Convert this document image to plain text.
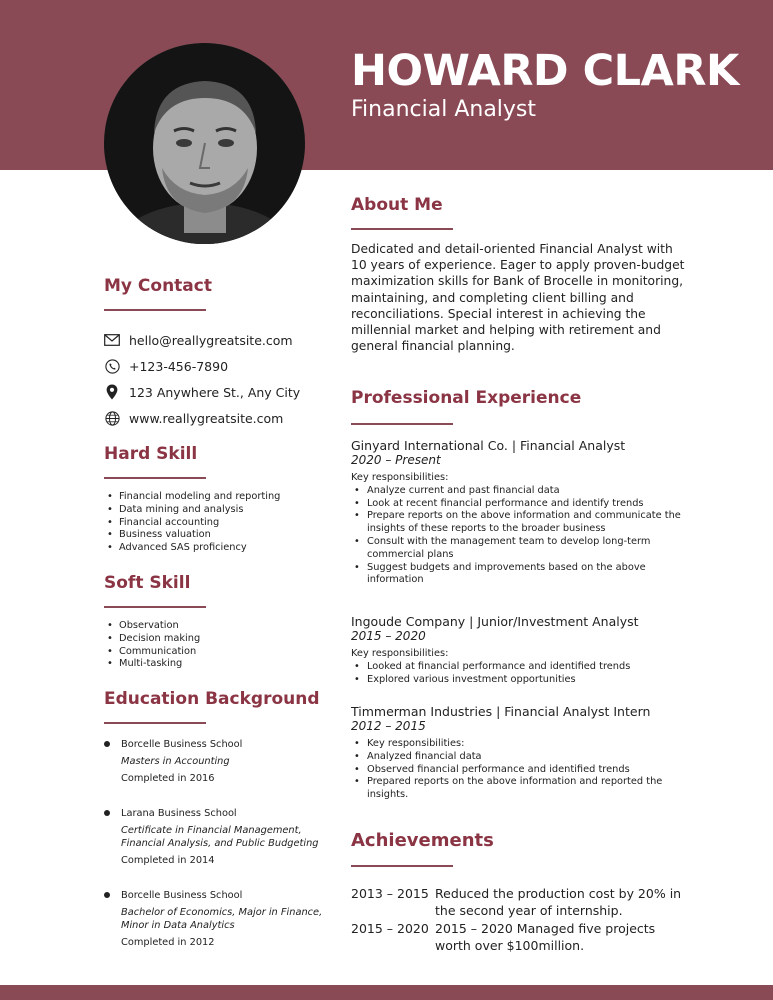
HOWARD CLARK
Financial Analyst
My Contact
hello@reallygreatsite.com
+123-456-7890
123 Anywhere St., Any City
www.reallygreatsite.com
Hard Skill
• Financial modeling and reporting
• Data mining and analysis
• Financial accounting
• Business valuation
• Advanced SAS proficiency
Soft Skill
• Observation
• Decision making
• Communication
• Multi-tasking
Education Background
Borcelle Business School
Masters in Accounting
Completed in 2016
Larana Business School
Certificate in Financial Management, Financial Analysis, and Public Budgeting
Completed in 2014
Borcelle Business School
Bachelor of Economics, Major in Finance, Minor in Data Analytics
Completed in 2012
About Me
Dedicated and detail-oriented Financial Analyst with 10 years of experience. Eager to apply proven-budget maximization skills for Bank of Brocelle in monitoring, maintaining, and completing client billing and reconciliations. Special interest in achieving the millennial market and helping with retirement and general financial planning.
Professional Experience
Ginyard International Co. | Financial Analyst
2020 – Present
Key responsibilities:
• Analyze current and past financial data
• Look at recent financial performance and identify trends
• Prepare reports on the above information and communicate the insights of these reports to the broader business
• Consult with the management team to develop long-term commercial plans
• Suggest budgets and improvements based on the above information
Ingoude Company | Junior/Investment Analyst
2015 – 2020
Key responsibilities:
• Looked at financial performance and identified trends
• Explored various investment opportunities
Timmerman Industries | Financial Analyst Intern
2012 – 2015
• Key responsibilities:
• Analyzed financial data
• Observed financial performance and identified trends
• Prepared reports on the above information and reported the insights.
Achievements
2013 – 2015 Reduced the production cost by 20% in the second year of internship.
2015 – 2020 2015 – 2020 Managed five projects worth over $100million.
